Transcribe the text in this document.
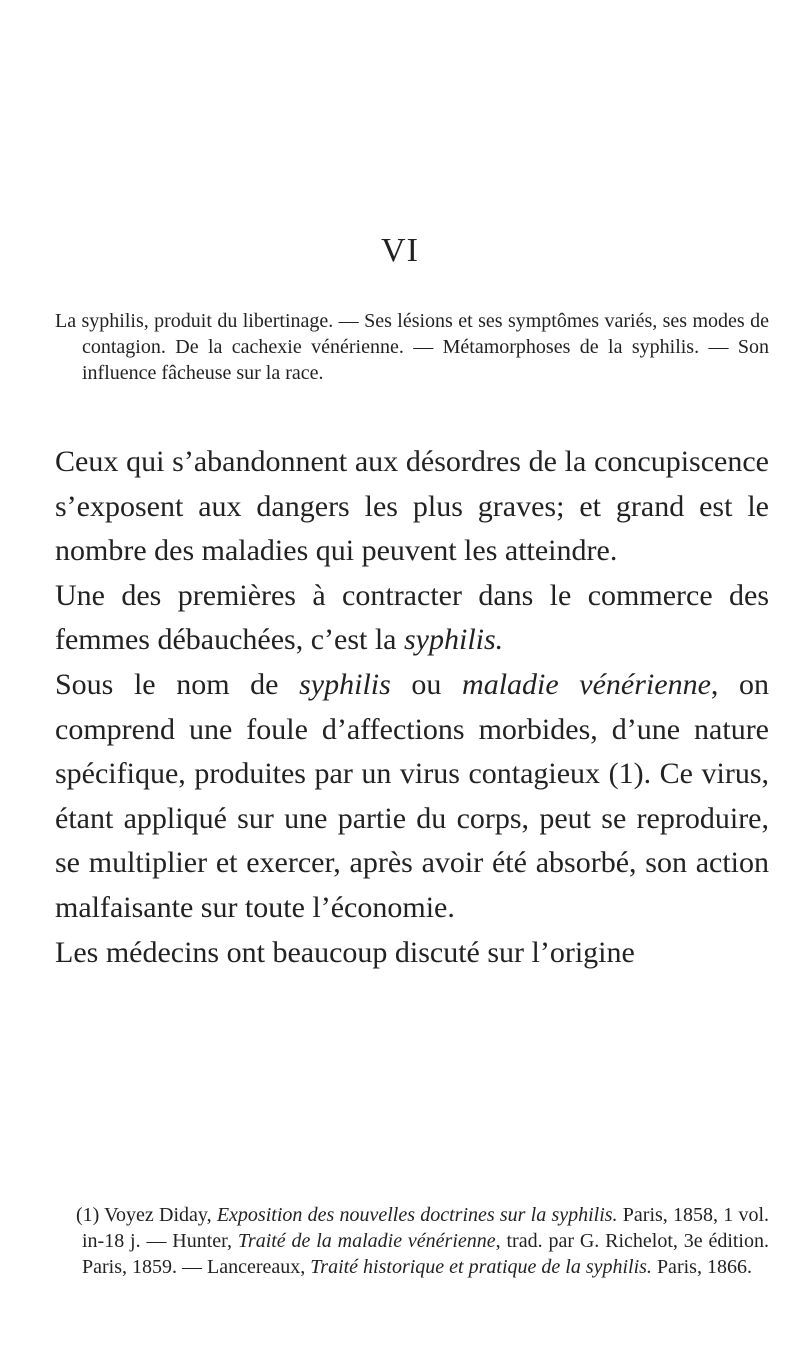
VI

La syphilis, produit du libertinage. — Ses lésions et ses symptômes variés, ses modes de contagion. De la cachexie vénérienne. — Métamorphoses de la syphilis. — Son influence fâcheuse sur la race.

Ceux qui s’abandonnent aux désordres de la concupiscence s’exposent aux dangers les plus graves; et grand est le nombre des maladies qui peuvent les atteindre.

Une des premières à contracter dans le commerce des femmes débauchées, c’est la syphilis.

Sous le nom de syphilis ou maladie vénérienne, on comprend une foule d’affections morbides, d’une nature spécifique, produites par un virus contagieux (1). Ce virus, étant appliqué sur une partie du corps, peut se reproduire, se multiplier et exercer, après avoir été absorbé, son action malfaisante sur toute l’économie.

Les médecins ont beaucoup discuté sur l’origine

(1) Voyez Diday, Exposition des nouvelles doctrines sur la syphilis. Paris, 1858, 1 vol. in-18 j. — Hunter, Traité de la maladie vénérienne, trad. par G. Richelot, 3e édition. Paris, 1859. — Lancereaux, Traité historique et pratique de la syphilis. Paris, 1866.
